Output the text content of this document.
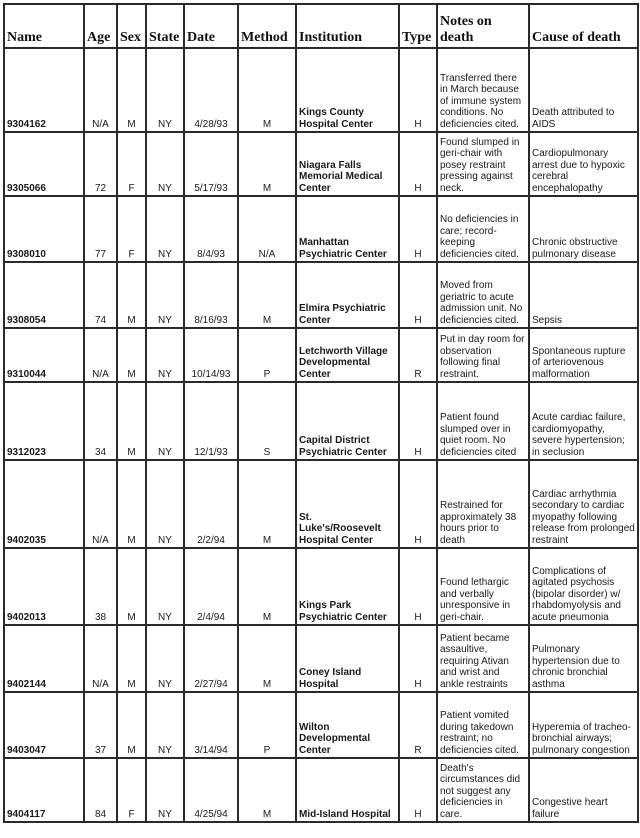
Name	Age	Sex	State	Date	Method	Institution	Type	Notes on death	Cause of death
9304162	N/A	M	NY	4/28/93	M	Kings County Hospital Center	H	Transferred there in March because of immune system conditions. No deficiencies cited.	Death attributed to AIDS
9305066	72	F	NY	5/17/93	M	Niagara Falls Memorial Medical Center	H	Found slumped in geri-chair with posey restraint pressing against neck.	Cardiopulmonary arrest due to hypoxic cerebral encephalopathy
9308010	77	F	NY	8/4/93	N/A	Manhattan Psychiatric Center	H	No deficiencies in care; record-keeping deficiencies cited.	Chronic obstructive pulmonary disease
9308054	74	M	NY	8/16/93	M	Elmira Psychiatric Center	H	Moved from geriatric to acute admission unit. No deficiencies cited.	Sepsis
9310044	N/A	M	NY	10/14/93	P	Letchworth Village Developmental Center	R	Put in day room for observation following final restraint.	Spontaneous rupture of arteriovenous malformation
9312023	34	M	NY	12/1/93	S	Capital District Psychiatric Center	H	Patient found slumped over in quiet room. No deficiencies cited	Acute cardiac failure, cardiomyopathy, severe hypertension; in seclusion
9402035	N/A	M	NY	2/2/94	M	St. Luke's/Roosevelt Hospital Center	H	Restrained for approximately 38 hours prior to death	Cardiac arrhythmia secondary to cardiac myopathy following release from prolonged restraint
9402013	38	M	NY	2/4/94	M	Kings Park Psychiatric Center	H	Found lethargic and verbally unresponsive in geri-chair.	Complications of agitated psychosis (bipolar disorder) w/ rhabdomyolysis and acute pneumonia
9402144	N/A	M	NY	2/27/94	M	Coney Island Hospital	H	Patient became assaultive, requiring Ativan and wrist and ankle restraints	Pulmonary hypertension due to chronic bronchial asthma
9403047	37	M	NY	3/14/94	P	Wilton Developmental Center	R	Patient vomited during takedown restraint; no deficiencies cited.	Hyperemia of tracheo-bronchial airways; pulmonary congestion
9404117	84	F	NY	4/25/94	M	Mid-Island Hospital	H	Death's circumstances did not suggest any deficiencies in care.	Congestive heart failure
